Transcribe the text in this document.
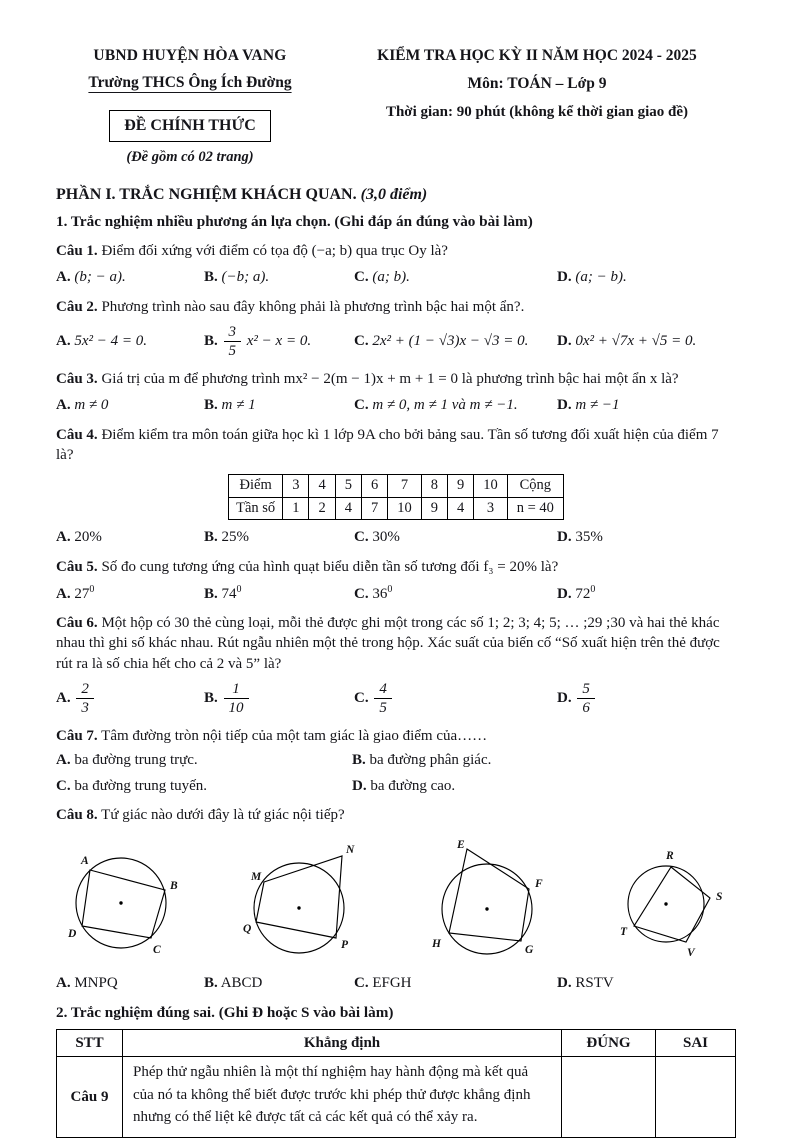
UBND HUYỆN HÒA VANG
Trường THCS Ông Ích Đường
ĐỀ CHÍNH THỨC
(Đề gồm có 02 trang)
KIỂM TRA HỌC KỲ II NĂM HỌC 2024 - 2025
Môn: TOÁN – Lớp 9
Thời gian: 90 phút (không kể thời gian giao đề)
PHẦN I. TRẮC NGHIỆM KHÁCH QUAN. (3,0 điểm)
1. Trắc nghiệm nhiều phương án lựa chọn. (Ghi đáp án đúng vào bài làm)
Câu 1. Điểm đối xứng với điểm có tọa độ (−a; b) qua trục Oy là?
A. (b; − a).	B. (−b; a).	C. (a; b).	D. (a; − b).
Câu 2. Phương trình nào sau đây không phải là phương trình bậc hai một ẩn?.
A. 5x² − 4 = 0.	B. $\frac{3}{5} x^2 - x = 0$.	C. 2x² + (1 − √3)x − √3 = 0.	D. 0x² + √7x + √5 = 0.
Câu 3. Giá trị của m để phương trình mx² − 2(m − 1)x + m + 1 = 0 là phương trình bậc hai một ẩn x là?
A. m ≠ 0	B. m ≠ 1	C. m ≠ 0, m ≠ 1 và m ≠ −1.	D. m ≠ −1
Câu 4. Điểm kiểm tra môn toán giữa học kì 1 lớp 9A cho bởi bảng sau. Tần số tương đối xuất hiện của điểm 7 là?
Điểm	3	4	5	6	7	8	9	10	Cộng
Tần số	1	2	4	7	10	9	4	3	n = 40
A. 20%	B. 25%	C. 30%	D. 35%
Câu 5. Số đo cung tương ứng của hình quạt biểu diễn tần số tương đối f₃ = 20% là?
A. $27^0$	B. $74^0$	C. $36^0$	D. $72^0$
Câu 6. Một hộp có 30 thẻ cùng loại, mỗi thẻ được ghi một trong các số 1; 2; 3; 4; 5; … ;29 ;30 và hai thẻ khác nhau thì ghi số khác nhau. Rút ngẫu nhiên một thẻ trong hộp. Xác suất của biến cố “Số xuất hiện trên thẻ được rút ra là số chia hết cho cả 2 và 5” là?
A. $\frac{2}{3}$	B. $\frac{1}{10}$	C. $\frac{4}{5}$	D. $\frac{5}{6}$
Câu 7. Tâm đường tròn nội tiếp của một tam giác là giao điểm của……
A. ba đường trung trực.	B. ba đường phân giác.
C. ba đường trung tuyến.	D. ba đường cao.
Câu 8. Tứ giác nào dưới đây là tứ giác nội tiếp?
A
B
C
D
M
N
P
Q
E
F
G
H
R
S
V
T
A. MNPQ	B. ABCD	C. EFGH	D. RSTV
2. Trắc nghiệm đúng sai. (Ghi Đ hoặc S vào bài làm)
STT	Khẳng định	ĐÚNG	SAI
Câu 9	Phép thử ngẫu nhiên là một thí nghiệm hay hành động mà kết quả của nó ta không thể biết được trước khi phép thử được khẳng định nhưng có thể liệt kê được tất cả các kết quả có thể xảy ra.		
